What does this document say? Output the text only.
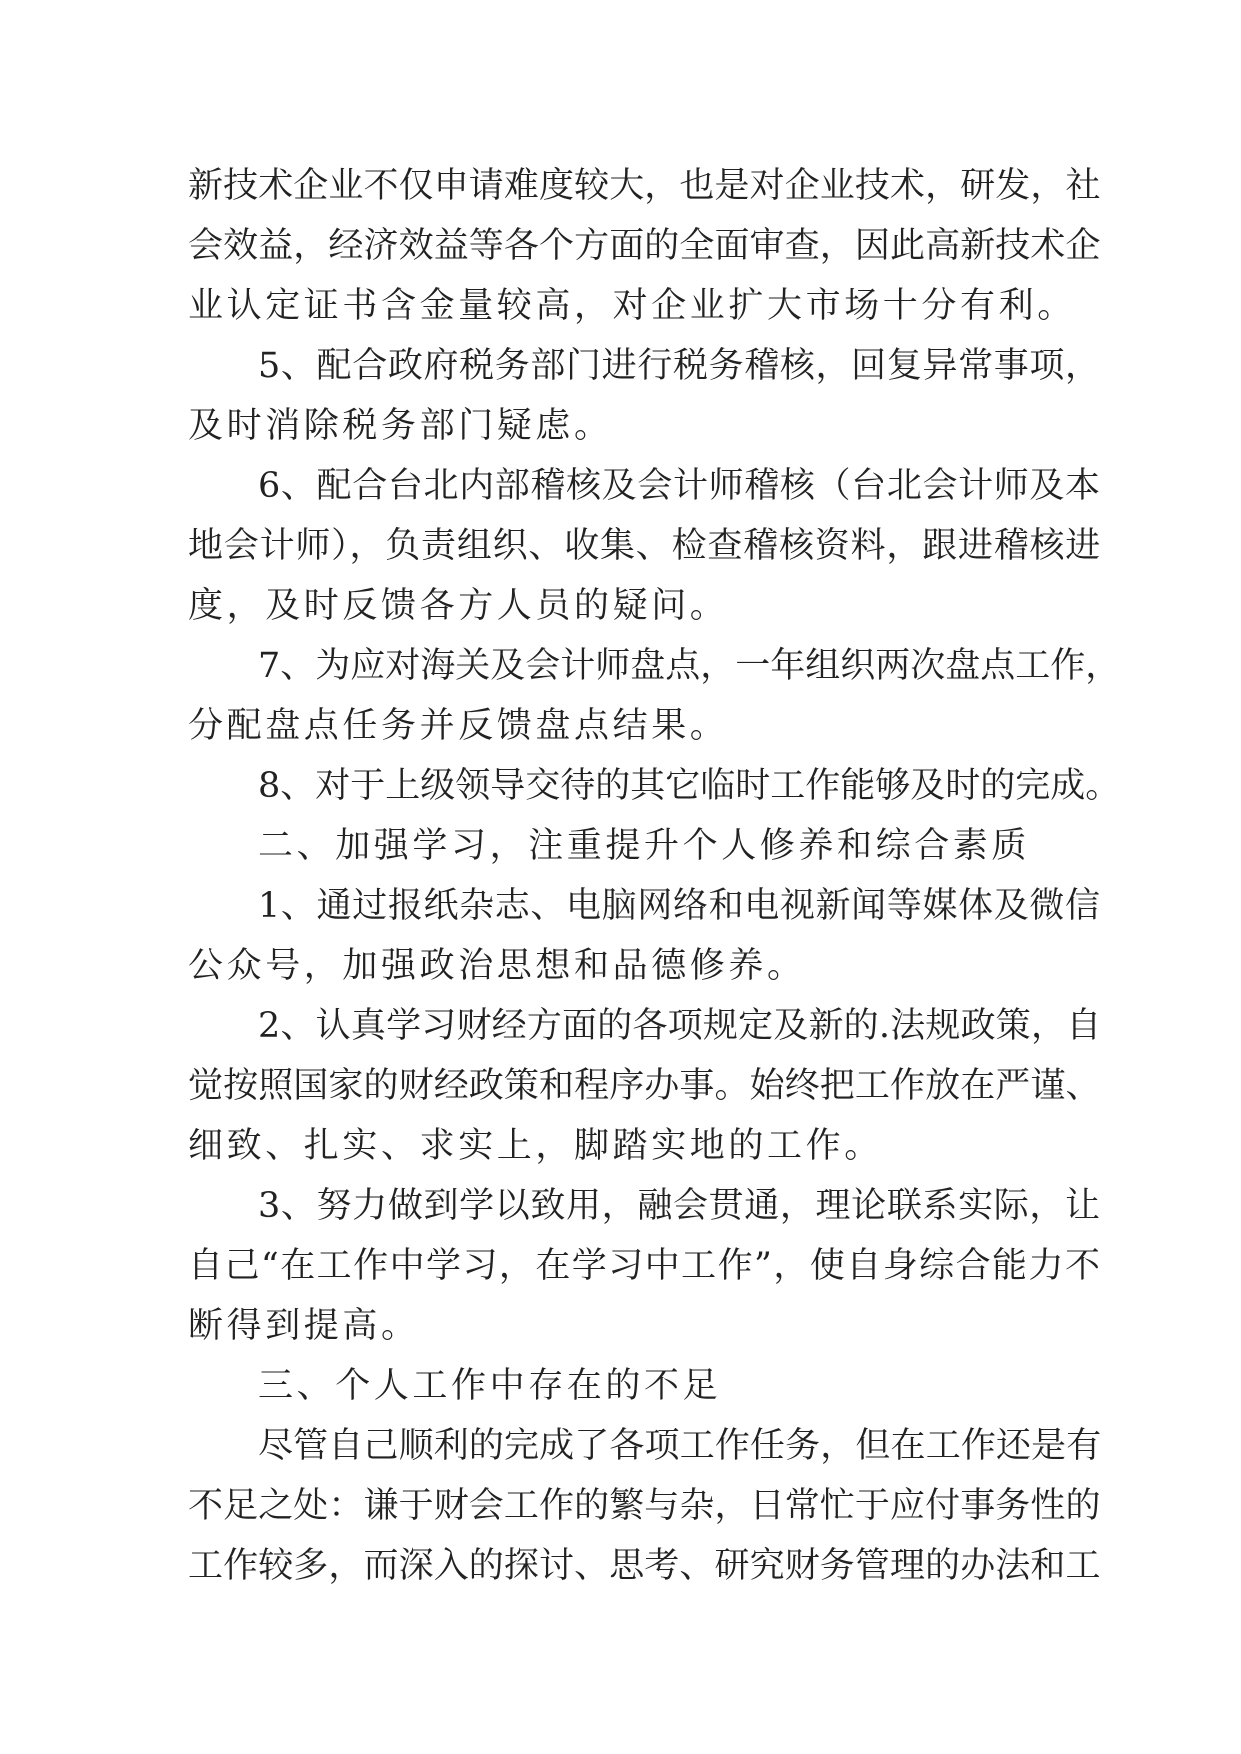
新技术企业不仅申请难度较大，也是对企业技术，研发，社

会效益，经济效益等各个方面的全面审查，因此高新技术企

业认定证书含金量较高，对企业扩大市场十分有利。

5、配合政府税务部门进行税务稽核，回复异常事项，

及时消除税务部门疑虑。

6、配合台北内部稽核及会计师稽核（台北会计师及本

地会计师），负责组织、收集、检查稽核资料，跟进稽核进

度，及时反馈各方人员的疑问。

7、为应对海关及会计师盘点，一年组织两次盘点工作，

分配盘点任务并反馈盘点结果。

8、对于上级领导交待的其它临时工作能够及时的完成。

二、加强学习，注重提升个人修养和综合素质

1、通过报纸杂志、电脑网络和电视新闻等媒体及微信

公众号，加强政治思想和品德修养。

2、认真学习财经方面的各项规定及新的.法规政策，自

觉按照国家的财经政策和程序办事。始终把工作放在严谨、

细致、扎实、求实上，脚踏实地的工作。

3、努力做到学以致用，融会贯通，理论联系实际，让

自己“在工作中学习，在学习中工作”，使自身综合能力不

断得到提高。

三、个人工作中存在的不足

尽管自己顺利的完成了各项工作任务，但在工作还是有

不足之处：谦于财会工作的繁与杂，日常忙于应付事务性的

工作较多，而深入的探讨、思考、研究财务管理的办法和工
